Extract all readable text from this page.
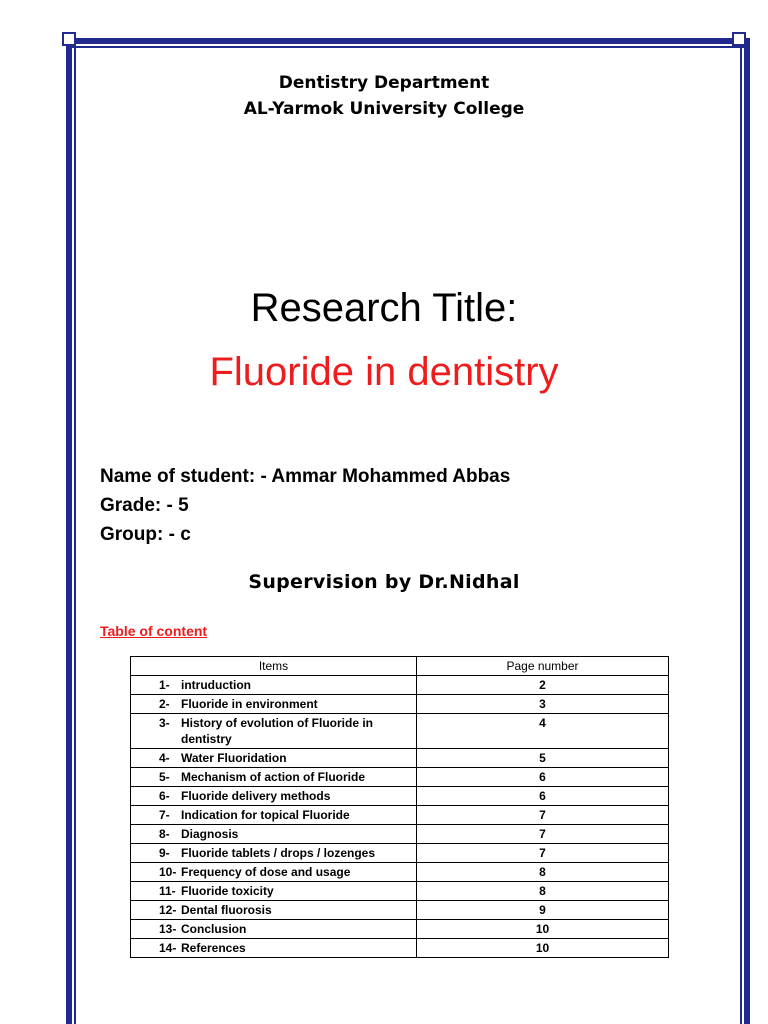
Dentistry Department
AL-Yarmok University College
Research Title:
Fluoride in dentistry
Name of student: - Ammar Mohammed Abbas
Grade: - 5
Group: - c
Supervision by Dr.Nidhal
Table of content
Items	Page number

1- intruduction	2

2- Fluoride in environment	3

3- History of evolution of Fluoride in dentistry	4

4- Water Fluoridation	5

5- Mechanism of action of Fluoride	6

6- Fluoride delivery methods	6

7- Indication for topical Fluoride	7

8- Diagnosis	7

9- Fluoride tablets / drops / lozenges	7

10- Frequency of dose and usage	8

11- Fluoride toxicity	8

12- Dental fluorosis	9

13- Conclusion	10

14- References	10
